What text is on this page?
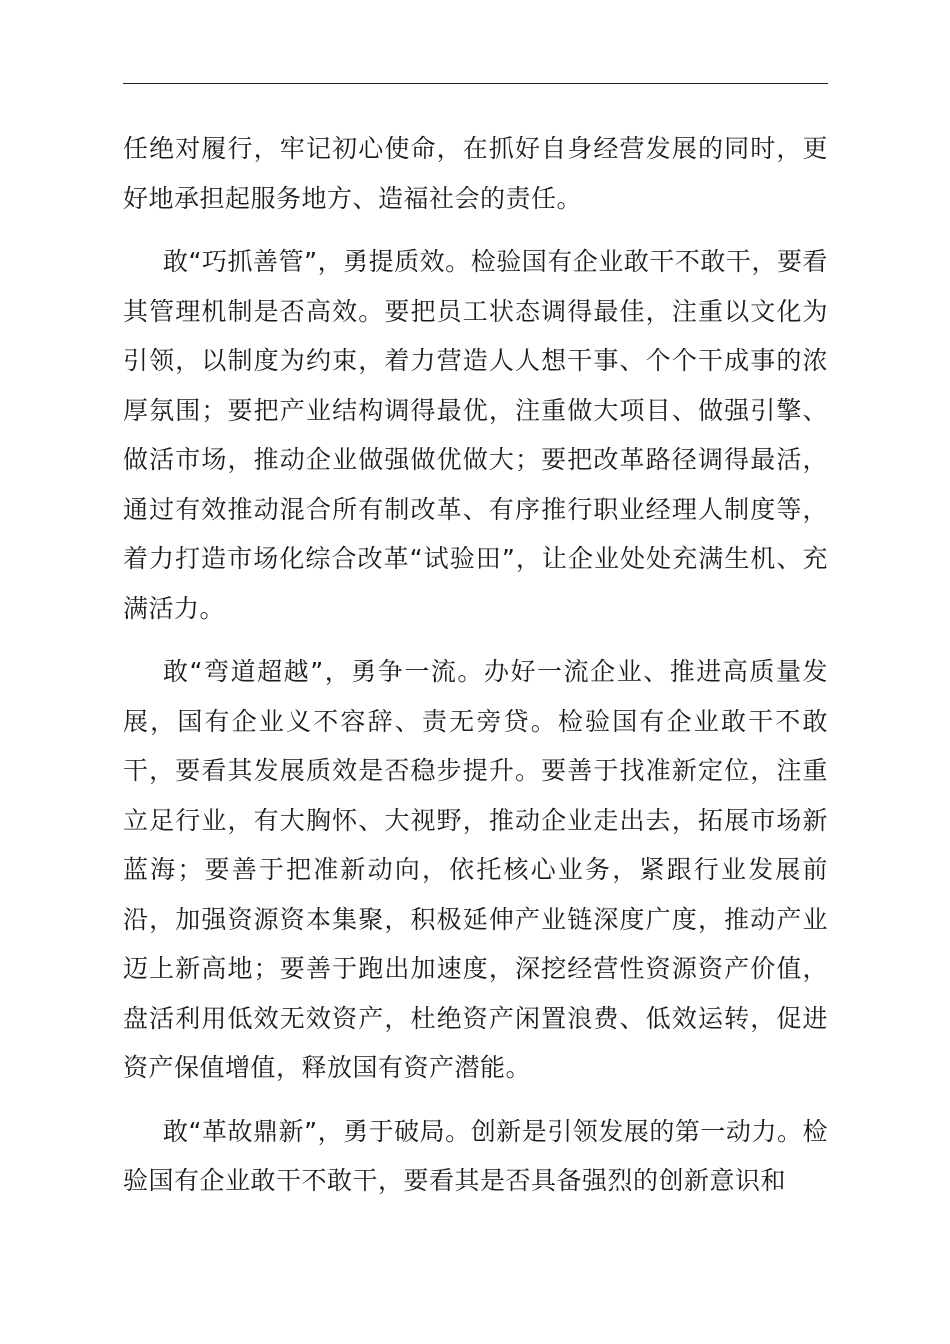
任绝对履行，牢记初心使命，在抓好自身经营发展的同时，更好地承担起服务地方、造福社会的责任。

敢“巧抓善管”，勇提质效。检验国有企业敢干不敢干，要看其管理机制是否高效。要把员工状态调得最佳，注重以文化为引领，以制度为约束，着力营造人人想干事、个个干成事的浓厚氛围；要把产业结构调得最优，注重做大项目、做强引擎、做活市场，推动企业做强做优做大；要把改革路径调得最活，通过有效推动混合所有制改革、有序推行职业经理人制度等，着力打造市场化综合改革“试验田”，让企业处处充满生机、充满活力。

敢“弯道超越”，勇争一流。办好一流企业、推进高质量发展，国有企业义不容辞、责无旁贷。检验国有企业敢干不敢干，要看其发展质效是否稳步提升。要善于找准新定位，注重立足行业，有大胸怀、大视野，推动企业走出去，拓展市场新蓝海；要善于把准新动向，依托核心业务，紧跟行业发展前沿，加强资源资本集聚，积极延伸产业链深度广度，推动产业迈上新高地；要善于跑出加速度，深挖经营性资源资产价值，盘活利用低效无效资产，杜绝资产闲置浪费、低效运转，促进资产保值增值，释放国有资产潜能。

敢“革故鼎新”，勇于破局。创新是引领发展的第一动力。检验国有企业敢干不敢干，要看其是否具备强烈的创新意识和
